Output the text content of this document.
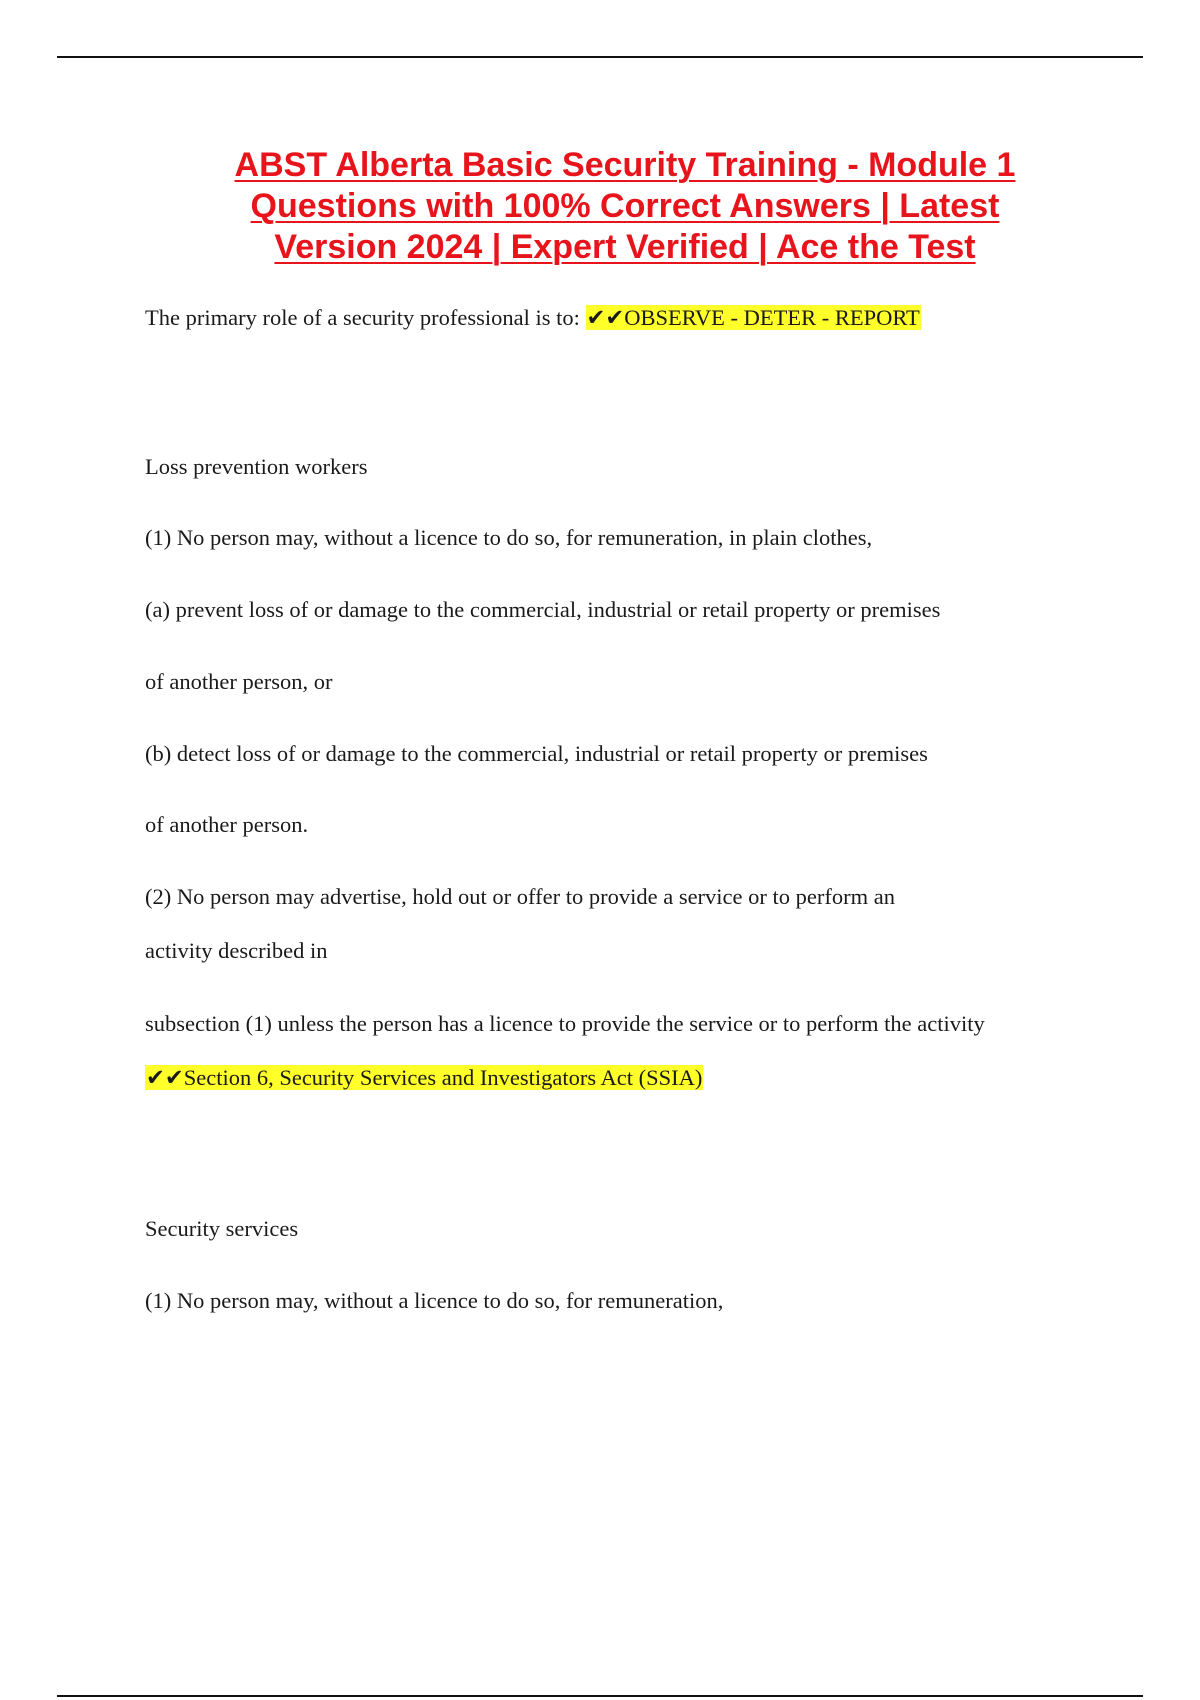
ABST Alberta Basic Security Training - Module 1
Questions with 100% Correct Answers | Latest
Version 2024 | Expert Verified | Ace the Test
The primary role of a security professional is to: ✔✔OBSERVE - DETER - REPORT
Loss prevention workers
(1) No person may, without a licence to do so, for remuneration, in plain clothes,
(a) prevent loss of or damage to the commercial, industrial or retail property or premises
of another person, or
(b) detect loss of or damage to the commercial, industrial or retail property or premises
of another person.
(2) No person may advertise, hold out or offer to provide a service or to perform an
activity described in
subsection (1) unless the person has a licence to provide the service or to perform the activity
✔✔Section 6, Security Services and Investigators Act (SSIA)
Security services
(1) No person may, without a licence to do so, for remuneration,
